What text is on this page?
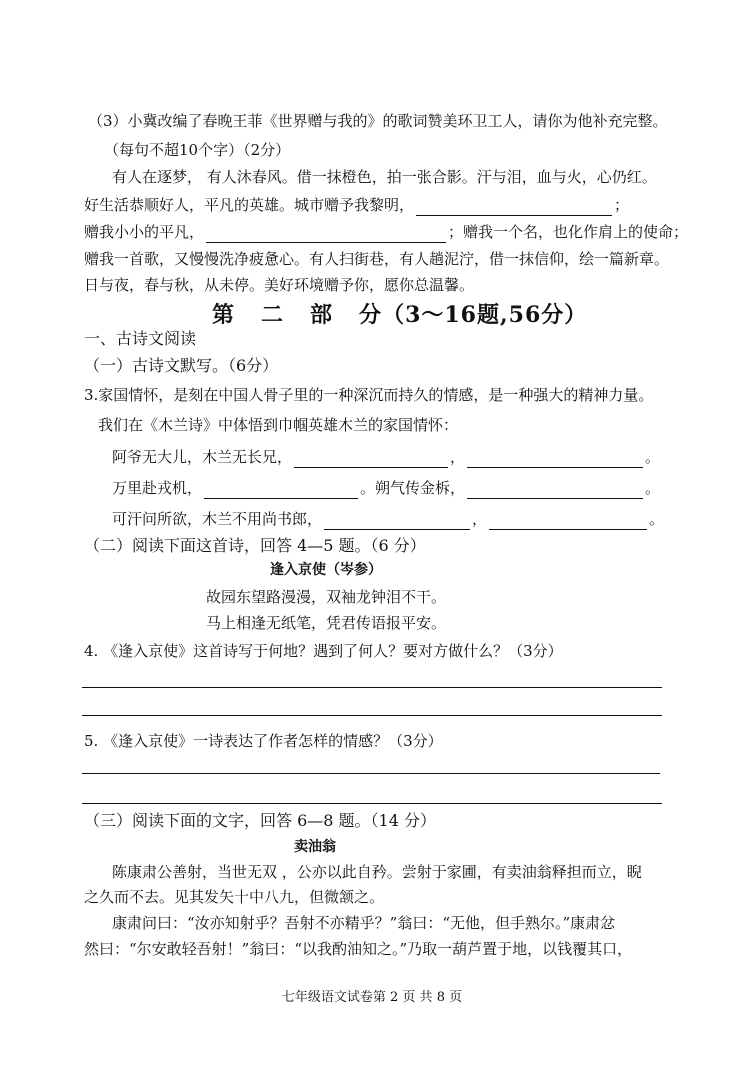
（3）小冀改编了春晚王菲《世界赠与我的》的歌词赞美环卫工人，请你为他补充完整。
（每句不超10个字）（2分）
有人在逐梦， 有人沐春风。借一抹橙色，拍一张合影。汗与泪，血与火，心仍红。
好生活恭顺好人，平凡的英雄。城市赠予我黎明，	；
赠我小小的平凡，	；赠我一个名，也化作肩上的使命；
赠我一首歌，又慢慢洗净疲惫心。有人扫街巷，有人趟泥泞，借一抹信仰，绘一篇新章。
日与夜，春与秋，从未停。美好环境赠予你，愿你总温馨。
第 二 部 分（3～16题,56分）
一、古诗文阅读
（一）古诗文默写。（6分）
3.家国情怀，是刻在中国人骨子里的一种深沉而持久的情感，是一种强大的精神力量。
我们在《木兰诗》中体悟到巾帼英雄木兰的家国情怀：
阿爷无大儿，木兰无长兄，	，	。
万里赴戎机，	。朔气传金柝，	。
可汗问所欲，木兰不用尚书郎，	，	。
（二）阅读下面这首诗，回答 4—5 题。（6 分）
逢入京使（岑参）
故园东望路漫漫，双袖龙钟泪不干。
马上相逢无纸笔，凭君传语报平安。
4. 《逢入京使》这首诗写于何地？遇到了何人？要对方做什么？（3分）
5. 《逢入京使》一诗表达了作者怎样的情感？（3分）
（三）阅读下面的文字，回答 6—8 题。（14 分）
卖油翁
陈康肃公善射，当世无双 ，公亦以此自矜。尝射于家圃，有卖油翁释担而立，睨
之久而不去。见其发矢十中八九，但微颔之。
康肃问曰：“汝亦知射乎？吾射不亦精乎？”翁曰：“无他，但手熟尔。”康肃忿
然曰：“尔安敢轻吾射！”翁曰：“以我酌油知之。”乃取一葫芦置于地，以钱覆其口，
七年级语文试卷第 2 页 共 8 页
